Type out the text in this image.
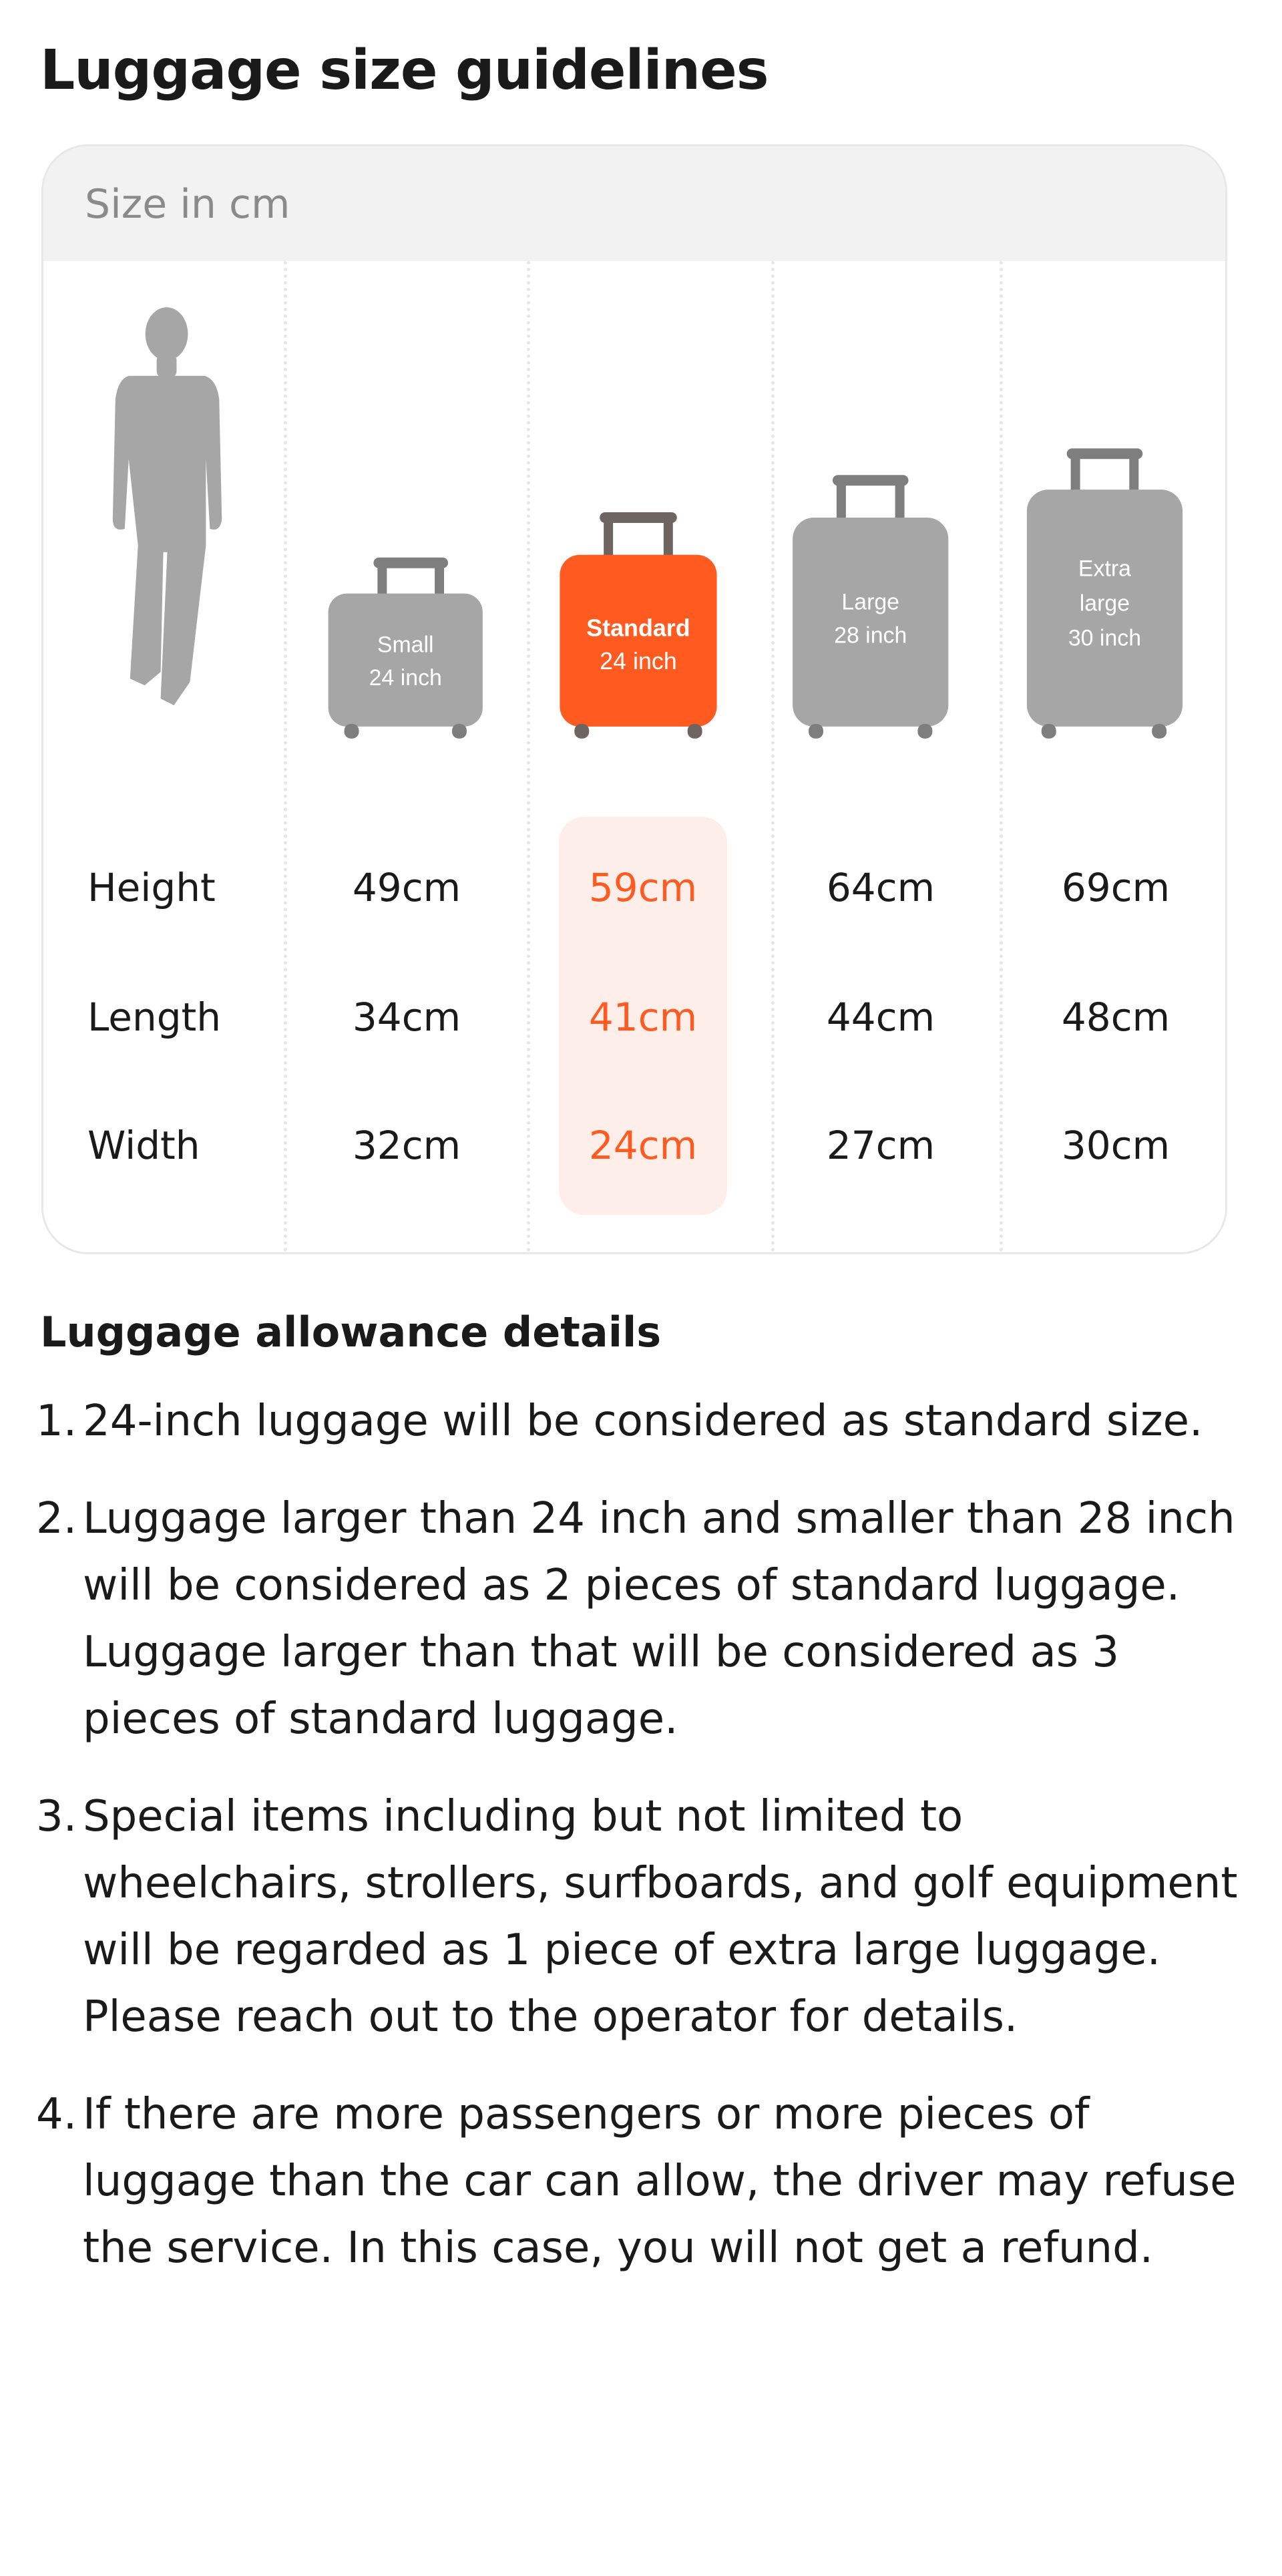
Luggage size guidelines
Size in cm
Small
24 inch
Standard
24 inch
Large
28 inch
Extra
large
30 inch
Height
Length
Width
49cm
34cm
32cm
59cm
41cm
24cm
64cm
44cm
27cm
69cm
48cm
30cm
Luggage allowance details
1. 24-inch luggage will be considered as standard size.
2. Luggage larger than 24 inch and smaller than 28 inch will be considered as 2 pieces of standard luggage. Luggage larger than that will be considered as 3 pieces of standard luggage.
3. Special items including but not limited to wheelchairs, strollers, surfboards, and golf equipment will be regarded as 1 piece of extra large luggage. Please reach out to the operator for details.
4. If there are more passengers or more pieces of luggage than the car can allow, the driver may refuse the service. In this case, you will not get a refund.
